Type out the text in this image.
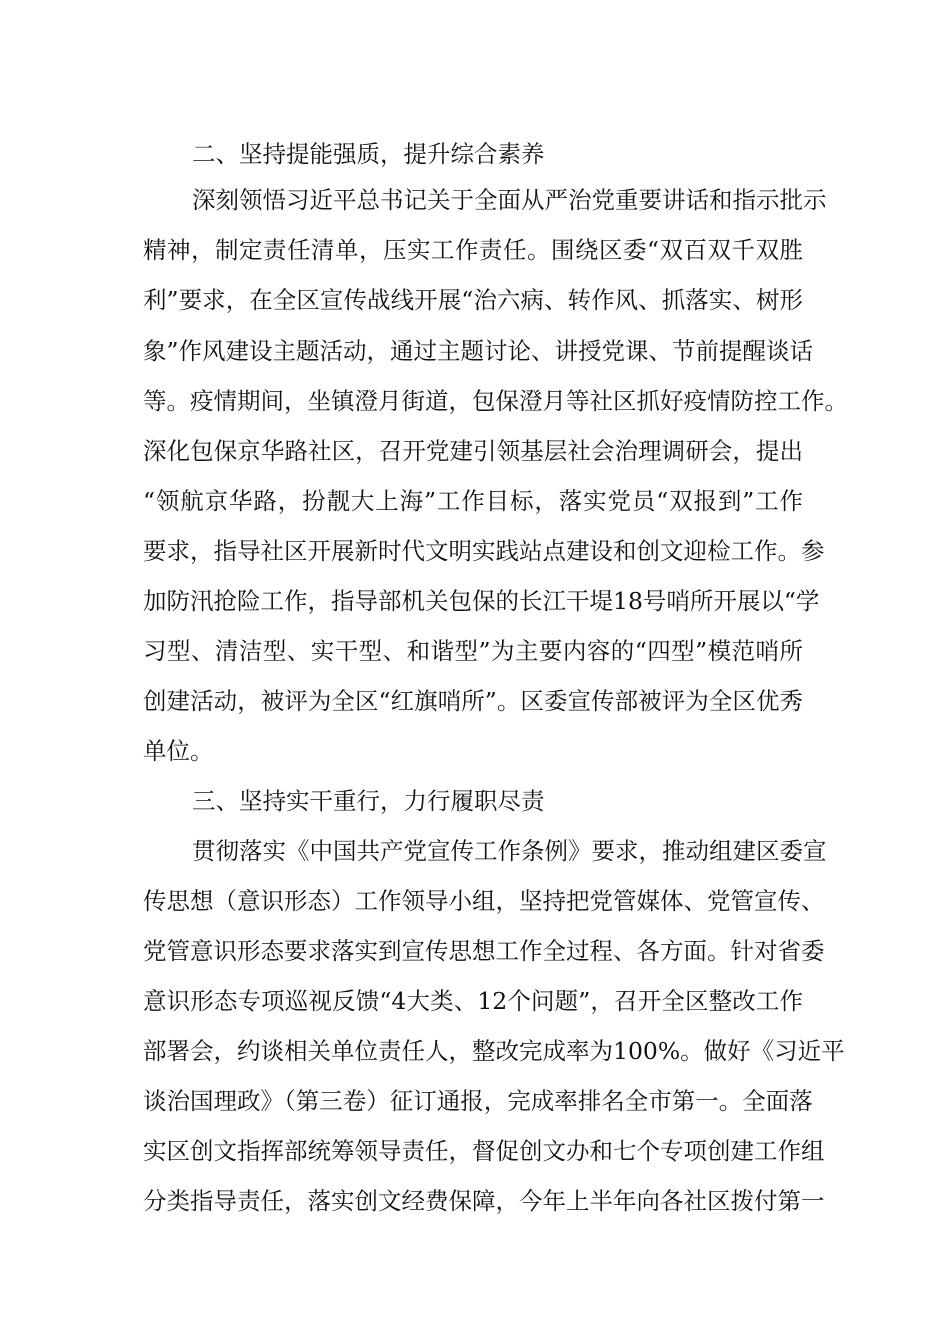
二、坚持提能强质，提升综合素养
深刻领悟习近平总书记关于全面从严治党重要讲话和指示批示
精神，制定责任清单，压实工作责任。围绕区委“双百双千双胜
利”要求，在全区宣传战线开展“治六病、转作风、抓落实、树形
象”作风建设主题活动，通过主题讨论、讲授党课、节前提醒谈话
等。疫情期间，坐镇澄月街道，包保澄月等社区抓好疫情防控工作。
深化包保京华路社区，召开党建引领基层社会治理调研会，提出
“领航京华路，扮靓大上海”工作目标，落实党员“双报到”工作
要求，指导社区开展新时代文明实践站点建设和创文迎检工作。参
加防汛抢险工作，指导部机关包保的长江干堤18号哨所开展以“学
习型、清洁型、实干型、和谐型”为主要内容的“四型”模范哨所
创建活动，被评为全区“红旗哨所”。区委宣传部被评为全区优秀
单位。
三、坚持实干重行，力行履职尽责
贯彻落实《中国共产党宣传工作条例》要求，推动组建区委宣
传思想（意识形态）工作领导小组，坚持把党管媒体、党管宣传、
党管意识形态要求落实到宣传思想工作全过程、各方面。针对省委
意识形态专项巡视反馈“4大类、12个问题”，召开全区整改工作
部署会，约谈相关单位责任人，整改完成率为100%。做好《习近平
谈治国理政》（第三卷）征订通报，完成率排名全市第一。全面落
实区创文指挥部统筹领导责任，督促创文办和七个专项创建工作组
分类指导责任，落实创文经费保障，今年上半年向各社区拨付第一
